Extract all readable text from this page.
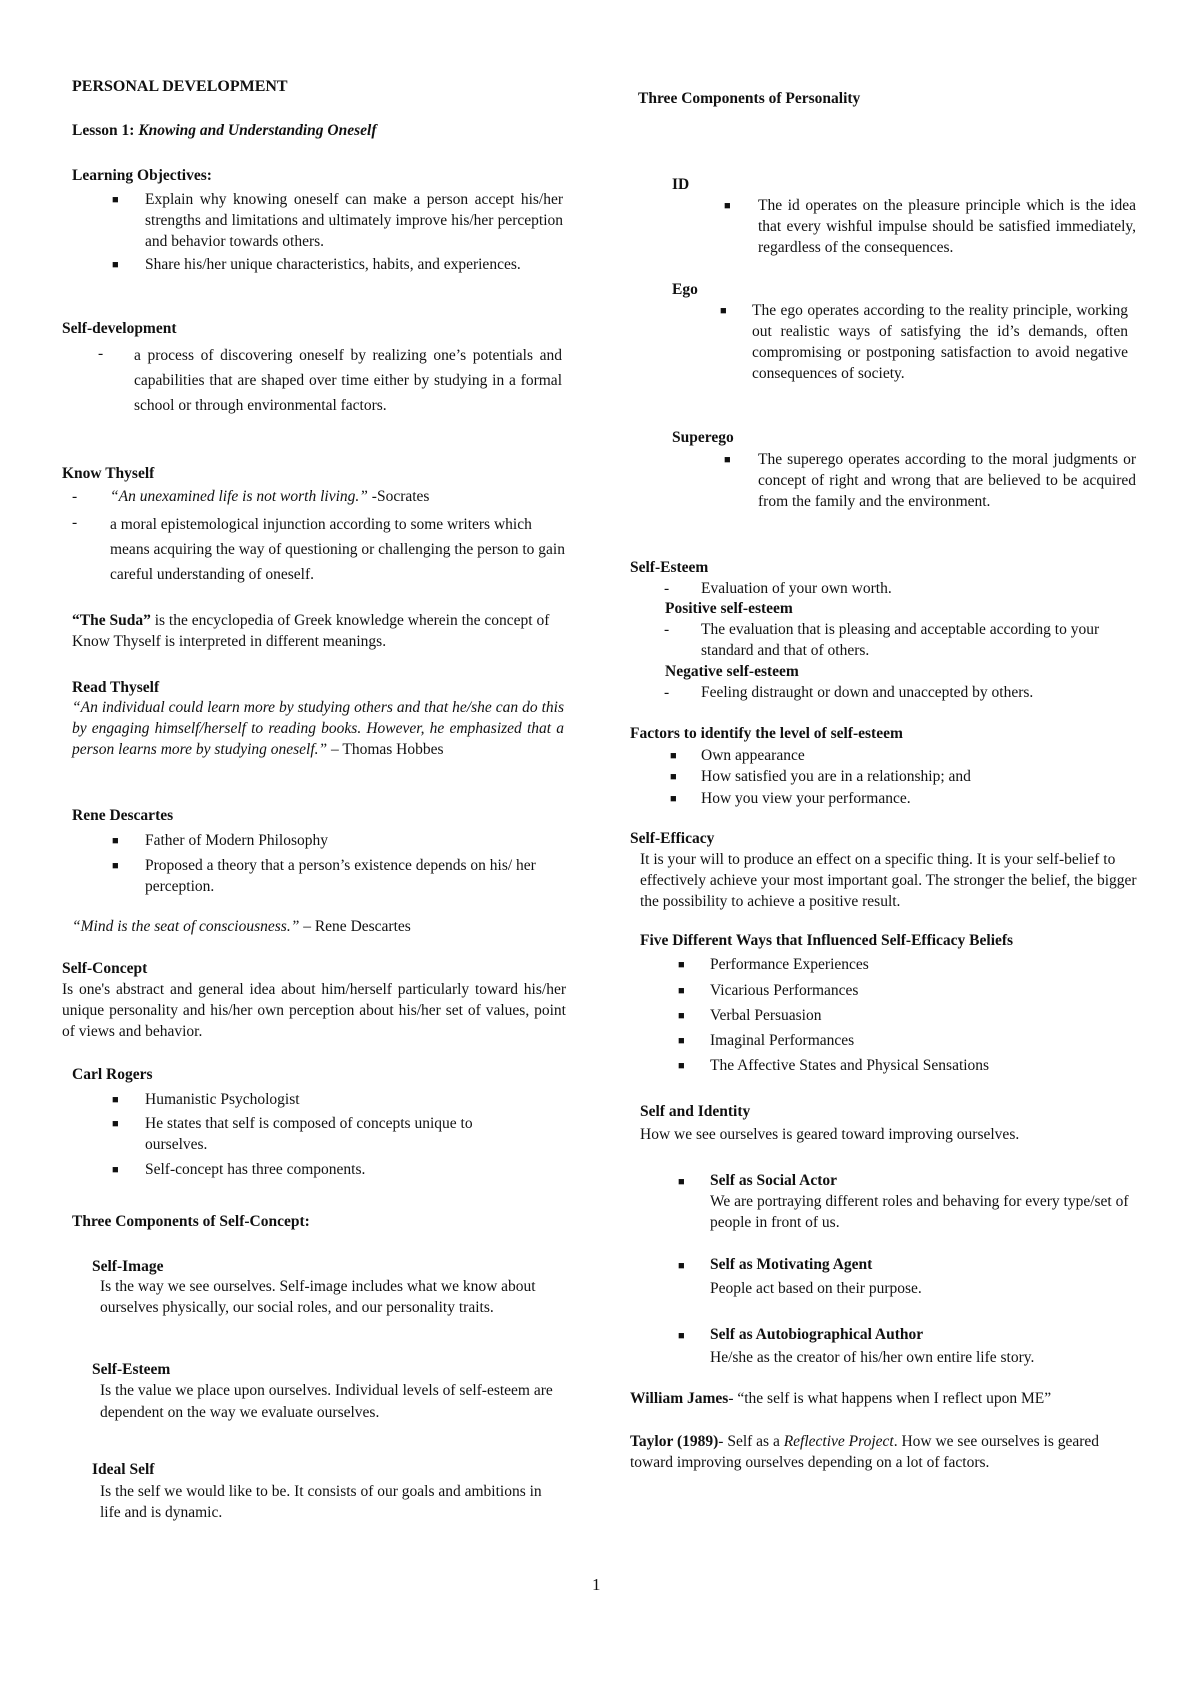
PERSONAL DEVELOPMENT
Lesson 1: Knowing and Understanding Oneself
Learning Objectives:
■ Explain why knowing oneself can make a person accept his/her strengths and limitations and ultimately improve his/her perception and behavior towards others.
■ Share his/her unique characteristics, habits, and experiences.
Self-development
- a process of discovering oneself by realizing one’s potentials and capabilities that are shaped over time either by studying in a formal school or through environmental factors.
Know Thyself
- “An unexamined life is not worth living.” -Socrates
- a moral epistemological injunction according to some writers which means acquiring the way of questioning or challenging the person to gain careful understanding of oneself.
“The Suda” is the encyclopedia of Greek knowledge wherein the concept of Know Thyself is interpreted in different meanings.
Read Thyself
“An individual could learn more by studying others and that he/she can do this by engaging himself/herself to reading books. However, he emphasized that a person learns more by studying oneself.” – Thomas Hobbes
Rene Descartes
■ Father of Modern Philosophy
■ Proposed a theory that a person’s existence depends on his/ her perception.
“Mind is the seat of consciousness.” – Rene Descartes
Self-Concept
Is one's abstract and general idea about him/herself particularly toward his/her unique personality and his/her own perception about his/her set of values, point of views and behavior.
Carl Rogers
■ Humanistic Psychologist
■ He states that self is composed of concepts unique to ourselves.
■ Self-concept has three components.
Three Components of Self-Concept:
Self-Image
Is the way we see ourselves. Self-image includes what we know about ourselves physically, our social roles, and our personality traits.
Self-Esteem
Is the value we place upon ourselves. Individual levels of self-esteem are dependent on the way we evaluate ourselves.
Ideal Self
Is the self we would like to be. It consists of our goals and ambitions in life and is dynamic.
Three Components of Personality
ID
■ The id operates on the pleasure principle which is the idea that every wishful impulse should be satisfied immediately, regardless of the consequences.
Ego
■ The ego operates according to the reality principle, working out realistic ways of satisfying the id’s demands, often compromising or postponing satisfaction to avoid negative consequences of society.
Superego
■ The superego operates according to the moral judgments or concept of right and wrong that are believed to be acquired from the family and the environment.
Self-Esteem
- Evaluation of your own worth.
Positive self-esteem
- The evaluation that is pleasing and acceptable according to your standard and that of others.
Negative self-esteem
- Feeling distraught or down and unaccepted by others.
Factors to identify the level of self-esteem
■ Own appearance
■ How satisfied you are in a relationship; and
■ How you view your performance.
Self-Efficacy
It is your will to produce an effect on a specific thing. It is your self-belief to effectively achieve your most important goal. The stronger the belief, the bigger the possibility to achieve a positive result.
Five Different Ways that Influenced Self-Efficacy Beliefs
■ Performance Experiences
■ Vicarious Performances
■ Verbal Persuasion
■ Imaginal Performances
■ The Affective States and Physical Sensations
Self and Identity
How we see ourselves is geared toward improving ourselves.
■ Self as Social Actor
We are portraying different roles and behaving for every type/set of people in front of us.
■ Self as Motivating Agent
People act based on their purpose.
■ Self as Autobiographical Author
He/she as the creator of his/her own entire life story.
William James- “the self is what happens when I reflect upon ME”
Taylor (1989)- Self as a Reflective Project. How we see ourselves is geared toward improving ourselves depending on a lot of factors.
1
